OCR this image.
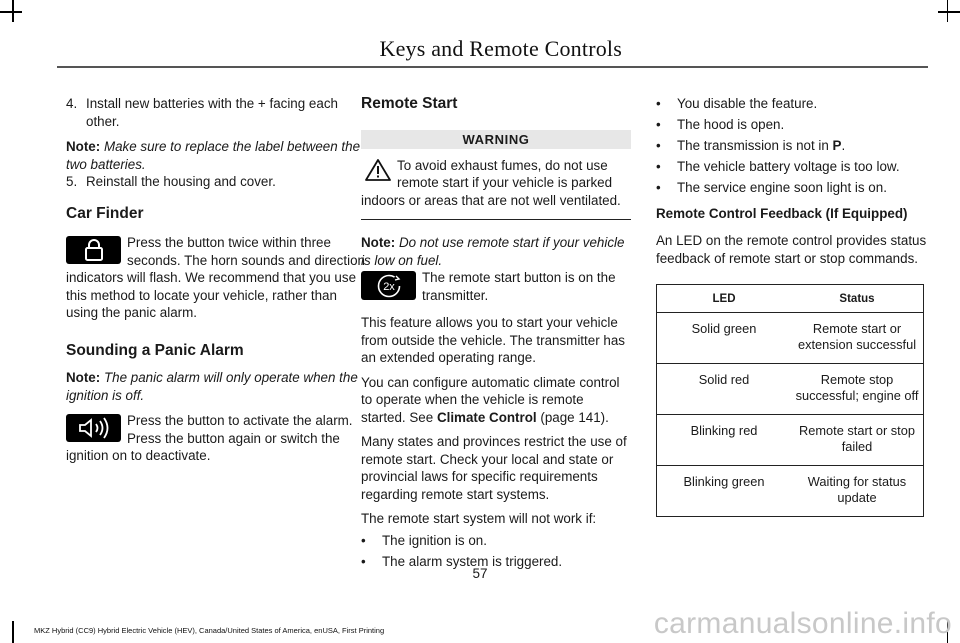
Keys and Remote Controls
4. Install new batteries with the + facing each other.

Note: Make sure to replace the label between the two batteries.

5. Reinstall the housing and cover.
Car Finder

Press the button twice within three seconds. The horn sounds and direction indicators will flash. We recommend that you use this method to locate your vehicle, rather than using the panic alarm.

Sounding a Panic Alarm

Note: The panic alarm will only operate when the ignition is off.

Press the button to activate the alarm. Press the button again or switch the ignition on to deactivate.

Remote Start
WARNING

To avoid exhaust fumes, do not use remote start if your vehicle is parked indoors or areas that are not well ventilated.

Note: Do not use remote start if your vehicle is low on fuel.

2x

The remote start button is on the transmitter.

This feature allows you to start your vehicle from outside the vehicle. The transmitter has an extended operating range.

You can configure automatic climate control to operate when the vehicle is remote started. See Climate Control (page 141).

Many states and provinces restrict the use of remote start. Check your local and state or provincial laws for specific requirements regarding remote start systems.

The remote start system will not work if:

•	The ignition is on.
•	The alarm system is triggered.
•	You disable the feature.
•	The hood is open.
•	The transmission is not in P.
•	The vehicle battery voltage is too low.
•	The service engine soon light is on.

Remote Control Feedback (If Equipped)

An LED on the remote control provides status feedback of remote start or stop commands.

LED	Status
Solid green	Remote start or extension successful
Solid red	Remote stop successful; engine off
Blinking red	Remote start or stop failed
Blinking green	Waiting for status update
57
MKZ Hybrid (CC9) Hybrid Electric Vehicle (HEV), Canada/United States of America, enUSA, First Printing	carmanualsonline.info
